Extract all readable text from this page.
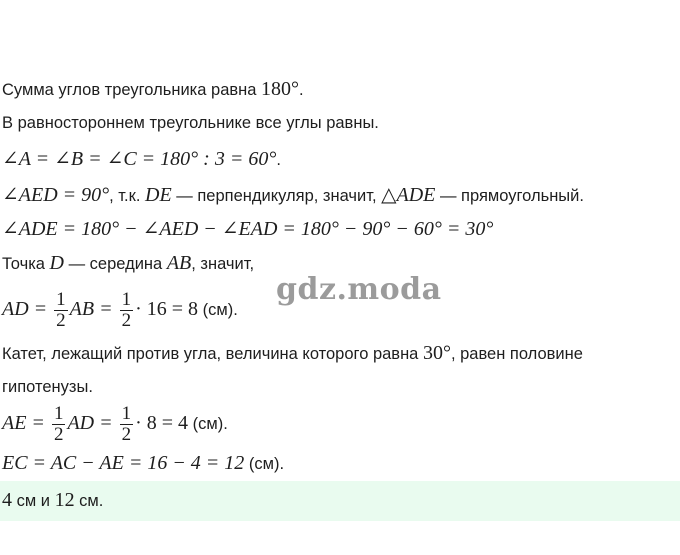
Сумма углов треугольника равна 180°.
В равностороннем треугольнике все углы равны.
∠A = ∠B = ∠C = 180° : 3 = 60°.
∠AED = 90°, т.к. DE — перпендикуляр, значит, △ADE — прямоугольный.
∠ADE = 180° − ∠AED − ∠EAD = 180° − 90° − 60° = 30°
Точка D — середина AB, значит,
AD = $\frac{1}{2}$ AB = $\frac{1}{2} \cdot 16 = 8$ (см).
Катет, лежащий против угла, величина которого равна 30°, равен половине
гипотенузы.
AE = $\frac{1}{2}$ AD = $\frac{1}{2} \cdot 8 = 4$ (см).
EC = AC − AE = 16 − 4 = 12 (см).
4 см и 12 см.
gdz.moda
